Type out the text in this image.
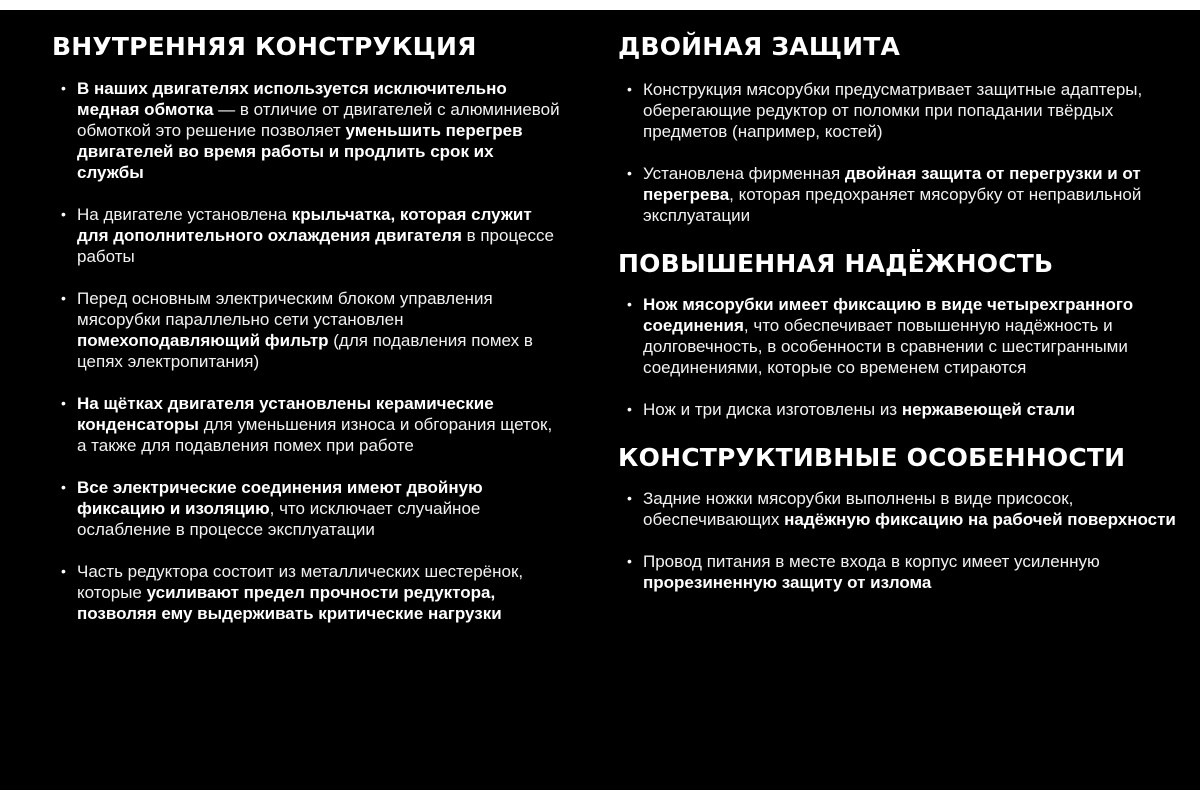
ВНУТРЕННЯЯ КОНСТРУКЦИЯ
• В наших двигателях используется исключительно медная обмотка — в отличие от двигателей с алюминиевой обмоткой это решение позволяет уменьшить перегрев двигателей во время работы и продлить срок их службы
• На двигателе установлена крыльчатка, которая служит для дополнительного охлаждения двигателя в процессе работы
• Перед основным электрическим блоком управления мясорубки параллельно сети установлен помехоподавляющий фильтр (для подавления помех в цепях электропитания)
• На щётках двигателя установлены керамические конденсаторы для уменьшения износа и обгорания щеток, а также для подавления помех при работе
• Все электрические соединения имеют двойную фиксацию и изоляцию, что исключает случайное ослабление в процессе эксплуатации
• Часть редуктора состоит из металлических шестерёнок, которые усиливают предел прочности редуктора, позволяя ему выдерживать критические нагрузки
ДВОЙНАЯ ЗАЩИТА
• Конструкция мясорубки предусматривает защитные адаптеры, оберегающие редуктор от поломки при попадании твёрдых предметов (например, костей)
• Установлена фирменная двойная защита от перегрузки и от перегрева, которая предохраняет мясорубку от неправильной эксплуатации
ПОВЫШЕННАЯ НАДЁЖНОСТЬ
• Нож мясорубки имеет фиксацию в виде четырехгранного соединения, что обеспечивает повышенную надёжность и долговечность, в особенности в сравнении с шестигранными соединениями, которые со временем стираются
• Нож и три диска изготовлены из нержавеющей стали
КОНСТРУКТИВНЫЕ ОСОБЕННОСТИ
• Задние ножки мясорубки выполнены в виде присосок, обеспечивающих надёжную фиксацию на рабочей поверхности
• Провод питания в месте входа в корпус имеет усиленную прорезиненную защиту от излома
